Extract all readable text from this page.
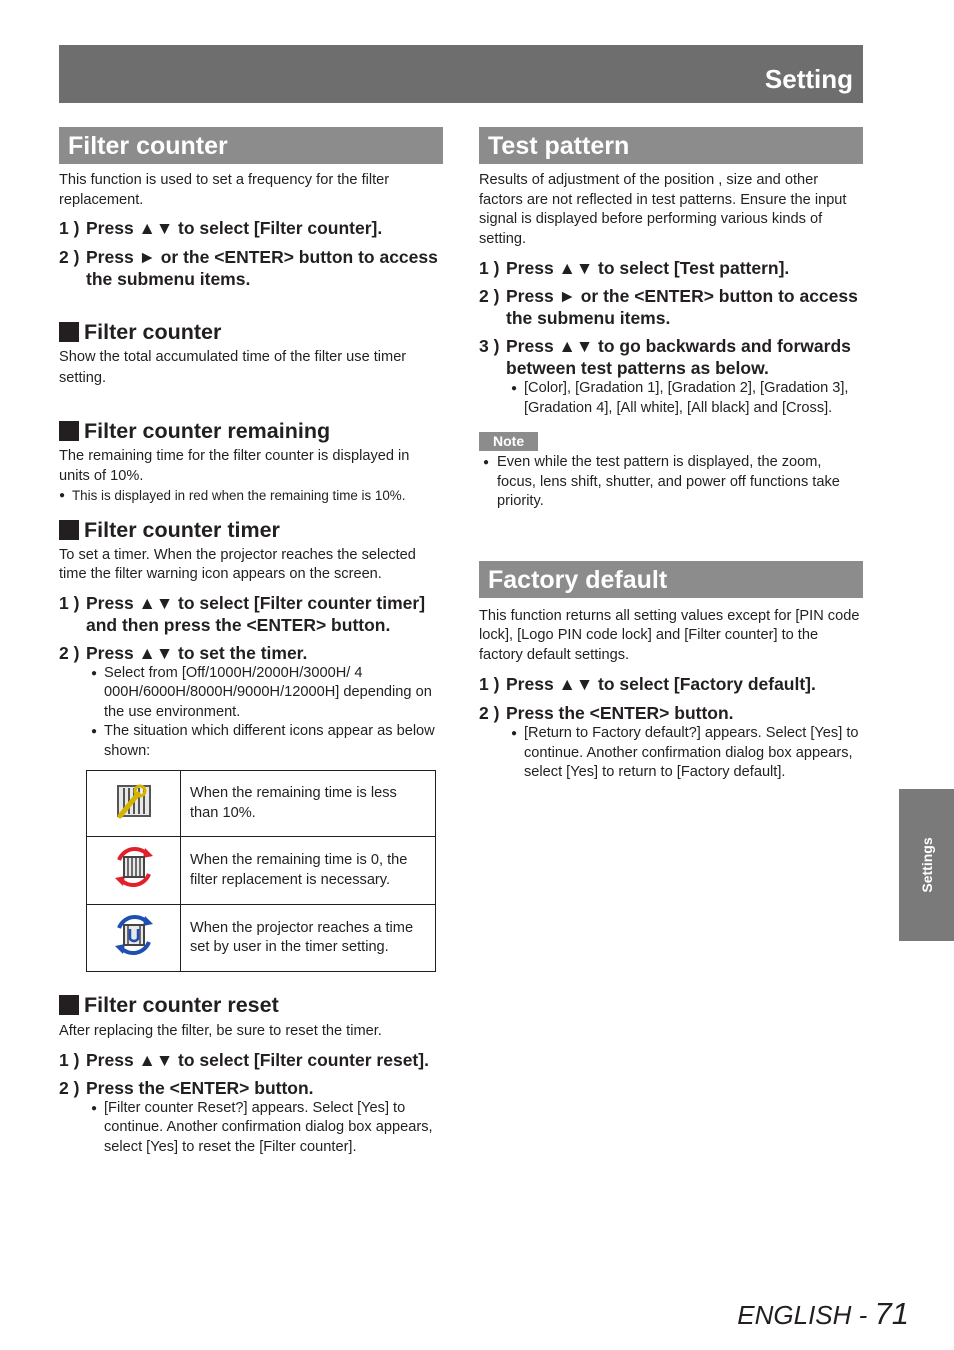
Setting
Filter counter

This function is used to set a frequency for the filter replacement.

1 ) Press ▲▼ to select [Filter counter].
2 ) Press ► or the <ENTER> button to access the submenu items.
Filter counter

Show the total accumulated time of the filter use timer setting.

Filter counter remaining

The remaining time for the filter counter is displayed in units of 10%.

● This is displayed in red when the remaining time is 10%.
Filter counter timer

To set a timer. When the projector reaches the selected time the filter warning icon appears on the screen.

1 ) Press ▲▼ to select [Filter counter timer] and then press the <ENTER> button.
2 ) Press ▲▼ to set the timer.
● Select from [Off/1000H/2000H/3000H/ 4 000H/6000H/8000H/9000H/12000H] depending on the use environment.
● The situation which different icons appear as below shown:
	When the remaining time is less than 10%.
	When the remaining time is 0, the filter replacement is necessary.
	When the projector reaches a time set by user in the timer setting.
Filter counter reset

After replacing the filter, be sure to reset the timer.

1 ) Press ▲▼ to select [Filter counter reset].
2 ) Press the <ENTER> button.
● [Filter counter Reset?] appears. Select [Yes] to continue. Another confirmation dialog box appears, select [Yes] to reset the [Filter counter].
Test pattern

Results of adjustment of the position , size and other factors are not reflected in test patterns. Ensure the input signal is displayed before performing various kinds of setting.

1 ) Press ▲▼ to select [Test pattern].
2 ) Press ► or the <ENTER> button to access the submenu items.
3 ) Press ▲▼ to go backwards and forwards between test patterns as below.
● [Color], [Gradation 1], [Gradation 2], [Gradation 3], [Gradation 4], [All white], [All black] and [Cross].
Note
● Even while the test pattern is displayed, the zoom, focus, lens shift, shutter, and power off functions take priority.
Factory default

This function returns all setting values except for [PIN code lock], [Logo PIN code lock] and [Filter counter] to the factory default settings.

1 ) Press ▲▼ to select [Factory default].
2 ) Press the <ENTER> button.
● [Return to Factory default?] appears. Select [Yes] to continue. Another confirmation dialog box appears, select [Yes] to return to [Factory default].
Settings
ENGLISH - 71
